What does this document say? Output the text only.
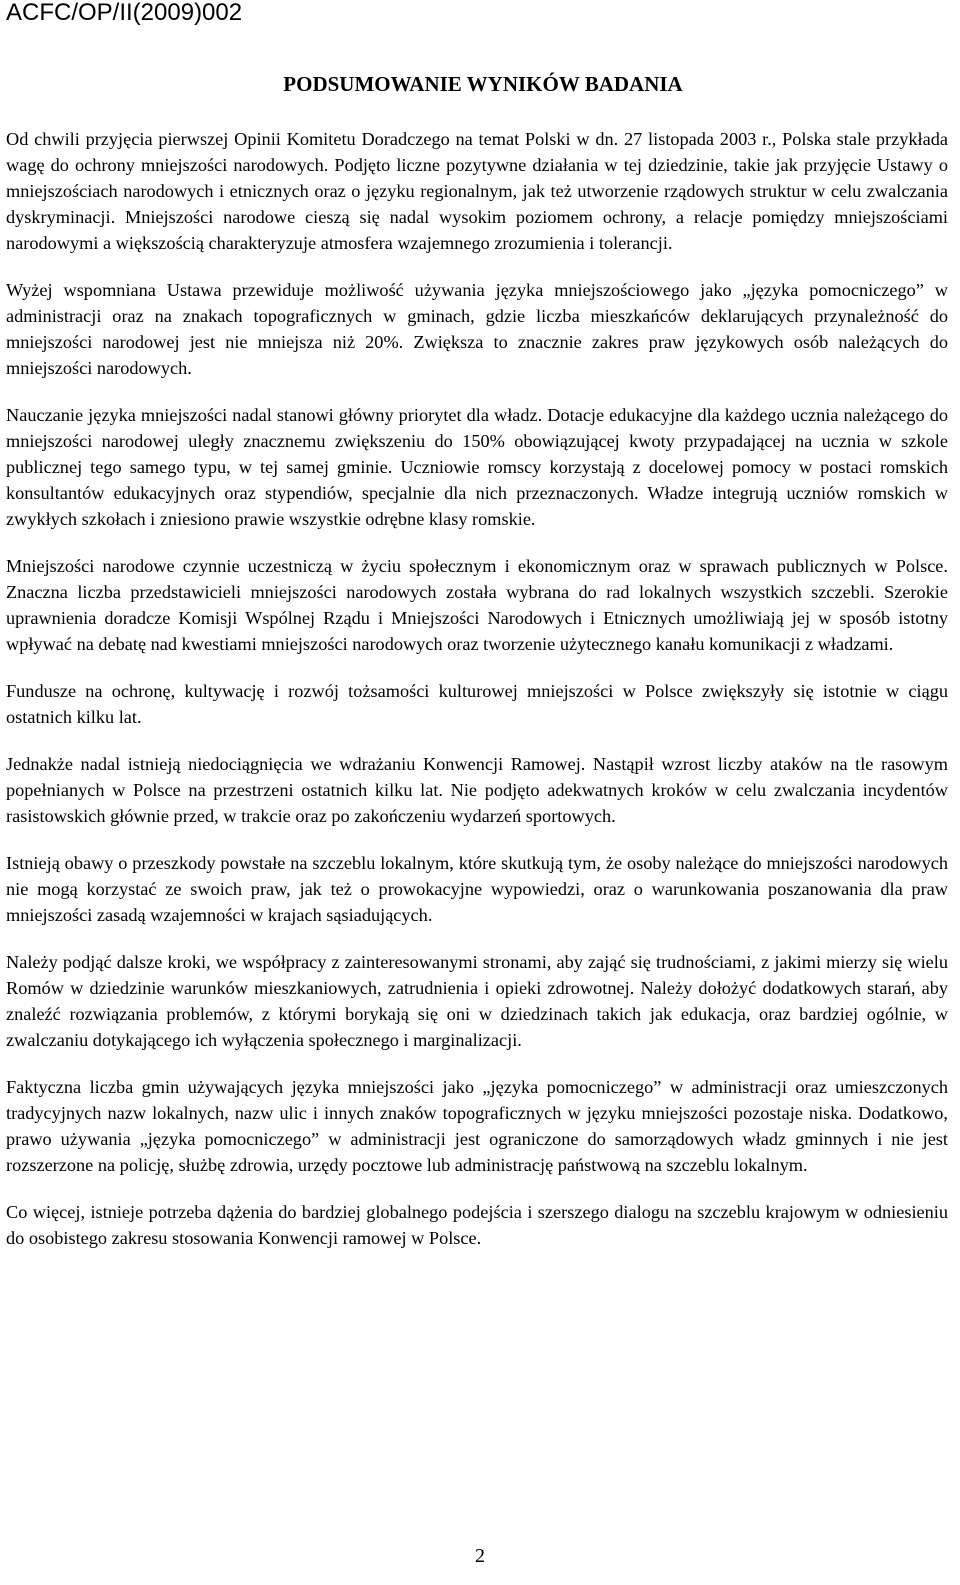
ACFC/OP/II(2009)002

PODSUMOWANIE WYNIKÓW BADANIA

Od chwili przyjęcia pierwszej Opinii Komitetu Doradczego na temat Polski w dn. 27 listopada 2003 r., Polska stale przykłada wagę do ochrony mniejszości narodowych. Podjęto liczne pozytywne działania w tej dziedzinie, takie jak przyjęcie Ustawy o mniejszościach narodowych i etnicznych oraz o języku regionalnym, jak też utworzenie rządowych struktur w celu zwalczania dyskryminacji. Mniejszości narodowe cieszą się nadal wysokim poziomem ochrony, a relacje pomiędzy mniejszościami narodowymi a większością charakteryzuje atmosfera wzajemnego zrozumienia i tolerancji.

Wyżej wspomniana Ustawa przewiduje możliwość używania języka mniejszościowego jako „języka pomocniczego” w administracji oraz na znakach topograficznych w gminach, gdzie liczba mieszkańców deklarujących przynależność do mniejszości narodowej jest nie mniejsza niż 20%. Zwiększa to znacznie zakres praw językowych osób należących do mniejszości narodowych.

Nauczanie języka mniejszości nadal stanowi główny priorytet dla władz. Dotacje edukacyjne dla każdego ucznia należącego do mniejszości narodowej uległy znacznemu zwiększeniu do 150% obowiązującej kwoty przypadającej na ucznia w szkole publicznej tego samego typu, w tej samej gminie. Uczniowie romscy korzystają z docelowej pomocy w postaci romskich konsultantów edukacyjnych oraz stypendiów, specjalnie dla nich przeznaczonych. Władze integrują uczniów romskich w zwykłych szkołach i zniesiono prawie wszystkie odrębne klasy romskie.

Mniejszości narodowe czynnie uczestniczą w życiu społecznym i ekonomicznym oraz w sprawach publicznych w Polsce. Znaczna liczba przedstawicieli mniejszości narodowych została wybrana do rad lokalnych wszystkich szczebli. Szerokie uprawnienia doradcze Komisji Wspólnej Rządu i Mniejszości Narodowych i Etnicznych umożliwiają jej w sposób istotny wpływać na debatę nad kwestiami mniejszości narodowych oraz tworzenie użytecznego kanału komunikacji z władzami.

Fundusze na ochronę, kultywację i rozwój tożsamości kulturowej mniejszości w Polsce zwiększyły się istotnie w ciągu ostatnich kilku lat.

Jednakże nadal istnieją niedociągnięcia we wdrażaniu Konwencji Ramowej. Nastąpił wzrost liczby ataków na tle rasowym popełnianych w Polsce na przestrzeni ostatnich kilku lat. Nie podjęto adekwatnych kroków w celu zwalczania incydentów rasistowskich głównie przed, w trakcie oraz po zakończeniu wydarzeń sportowych.

Istnieją obawy o przeszkody powstałe na szczeblu lokalnym, które skutkują tym, że osoby należące do mniejszości narodowych nie mogą korzystać ze swoich praw, jak też o prowokacyjne wypowiedzi, oraz o warunkowania poszanowania dla praw mniejszości zasadą wzajemności w krajach sąsiadujących.

Należy podjąć dalsze kroki, we współpracy z zainteresowanymi stronami, aby zająć się trudnościami, z jakimi mierzy się wielu Romów w dziedzinie warunków mieszkaniowych, zatrudnienia i opieki zdrowotnej. Należy dołożyć dodatkowych starań, aby znaleźć rozwiązania problemów, z którymi borykają się oni w dziedzinach takich jak edukacja, oraz bardziej ogólnie, w zwalczaniu dotykającego ich wyłączenia społecznego i marginalizacji.

Faktyczna liczba gmin używających języka mniejszości jako „języka pomocniczego” w administracji oraz umieszczonych tradycyjnych nazw lokalnych, nazw ulic i innych znaków topograficznych w języku mniejszości pozostaje niska. Dodatkowo, prawo używania „języka pomocniczego” w administracji jest ograniczone do samorządowych władz gminnych i nie jest rozszerzone na policję, służbę zdrowia, urzędy pocztowe lub administrację państwową na szczeblu lokalnym.

Co więcej, istnieje potrzeba dążenia do bardziej globalnego podejścia i szerszego dialogu na szczeblu krajowym w odniesieniu do osobistego zakresu stosowania Konwencji ramowej w Polsce.

2
